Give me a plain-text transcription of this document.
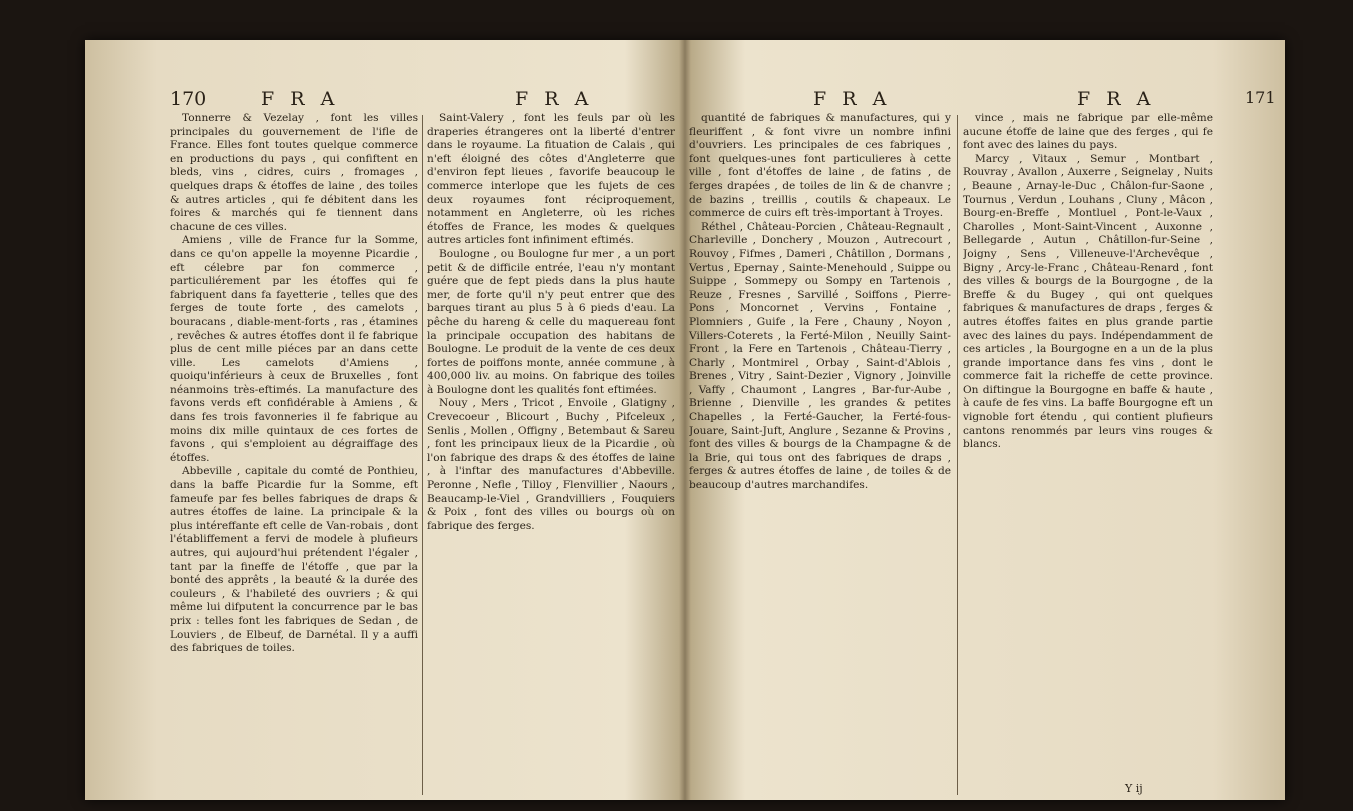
170	F R A	F R A

Tonnerre & Vezelay , font les villes principales du gouvernement de l'ifle de France. Elles font toutes quelque commerce en productions du pays , qui confiftent en bleds, vins , cidres, cuirs , fromages , quelques draps & étoffes de laine , des toiles & autres articles , qui fe débitent dans les foires & marchés qui fe tiennent dans chacune de ces villes.

Amiens , ville de France fur la Somme, dans ce qu'on appelle la moyenne Picardie , eft célebre par fon commerce , particuliérement par les étoffes qui fe fabriquent dans fa fayetterie , telles que des ferges de toute forte , des camelots , bouracans , diable-ment-forts , ras , étamines , revêches & autres étoffes dont il fe fabrique plus de cent mille piéces par an dans cette ville. Les camelots d'Amiens , quoiqu'inférieurs à ceux de Bruxelles , font néanmoins très-eftimés. La manufacture des favons verds eft confidérable à Amiens , & dans fes trois favonneries il fe fabrique au moins dix mille quintaux de ces fortes de favons , qui s'emploient au dégraiffage des étoffes.

Abbeville , capitale du comté de Ponthieu, dans la baffe Picardie fur la Somme, eft fameufe par fes belles fabriques de draps & autres étoffes de laine. La principale & la plus intéreffante eft celle de Van-robais , dont l'établiffement a fervi de modele à plufieurs autres, qui aujourd'hui prétendent l'égaler , tant par la fineffe de l'étoffe , que par la bonté des apprêts , la beauté & la durée des couleurs , & l'habileté des ouvriers ; & qui même lui difputent la concurrence par le bas prix : telles font les fabriques de Sedan , de Louviers , de Elbeuf, de Darnétal. Il y a auffi des fabriques de toiles.

Saint-Valery , font les feuls par où les draperies étrangeres ont la liberté d'entrer dans le royaume. La fituation de Calais , qui n'eft éloigné des côtes d'Angleterre que d'environ fept lieues , favorife beaucoup le commerce interlope que les fujets de ces deux royaumes font réciproquement, notamment en Angleterre, où les riches étoffes de France, les modes & quelques autres articles font infiniment eftimés.

Boulogne , ou Boulogne fur mer , a un port petit & de difficile entrée, l'eau n'y montant guére que de fept pieds dans la plus haute mer, de forte qu'il n'y peut entrer que des barques tirant au plus 5 à 6 pieds d'eau. La pêche du hareng & celle du maquereau font la principale occupation des habitans de Boulogne. Le produit de la vente de ces deux fortes de poiffons monte, année commune , à 400,000 liv. au moins. On fabrique des toiles à Boulogne dont les qualités font eftimées.

Nouy , Mers , Tricot , Envoile , Glatigny , Crevecoeur , Blicourt , Buchy , Pifceleux , Senlis , Mollen , Offigny , Betembaut & Sareu , font les principaux lieux de la Picardie , où l'on fabrique des draps & des étoffes de laine , à l'inftar des manufactures d'Abbeville. Peronne , Nefle , Tilloy , Flenvillier , Naours , Beaucamp-le-Viel , Grandvilliers , Fouquiers & Poix , font des villes ou bourgs où on fabrique des ferges.

F R A	F R A	171

quantité de fabriques & manufactures, qui y fleuriffent , & font vivre un nombre infini d'ouvriers. Les principales de ces fabriques , font quelques-unes font particulieres à cette ville , font d'étoffes de laine , de fatins , de ferges drapées , de toiles de lin & de chanvre ; de bazins , treillis , coutils & chapeaux. Le commerce de cuirs eft très-important à Troyes.

Réthel , Château-Porcien , Château-Regnault , Charleville , Donchery , Mouzon , Autrecourt , Rouvoy , Fifmes , Dameri , Châtillon , Dormans , Vertus , Epernay , Sainte-Menehould , Suippe ou Suippe , Sommepy ou Sompy en Tartenois , Reuze , Fresnes , Sarvillé , Soiffons , Pierre-Pons , Moncornet , Vervins , Fontaine , Plomniers , Guife , la Fere , Chauny , Noyon , Villers-Coterets , la Ferté-Milon , Neuilly Saint-Front , la Fere en Tartenois , Château-Tierry , Charly , Montmirel , Orbay , Saint-d'Ablois , Brenes , Vitry , Saint-Dezier , Vignory , Joinville , Vaffy , Chaumont , Langres , Bar-fur-Aube , Brienne , Dienville , les grandes & petites Chapelles , la Ferté-Gaucher, la Ferté-fous-Jouare, Saint-Juft, Anglure , Sezanne & Provins , font des villes & bourgs de la Champagne & de la Brie, qui tous ont des fabriques de draps , ferges & autres étoffes de laine , de toiles & de beaucoup d'autres marchandifes.

vince , mais ne fabrique par elle-même aucune étoffe de laine que des ferges , qui fe font avec des laines du pays.

Marcy , Vitaux , Semur , Montbart , Rouvray , Avallon , Auxerre , Seignelay , Nuits , Beaune , Arnay-le-Duc , Châlon-fur-Saone , Tournus , Verdun , Louhans , Cluny , Mâcon , Bourg-en-Breffe , Montluel , Pont-le-Vaux , Charolles , Mont-Saint-Vincent , Auxonne , Bellegarde , Autun , Châtillon-fur-Seine , Joigny , Sens , Villeneuve-l'Archevêque , Bigny , Arcy-le-Franc , Château-Renard , font des villes & bourgs de la Bourgogne , de la Breffe & du Bugey , qui ont quelques fabriques & manufactures de draps , ferges & autres étoffes faites en plus grande partie avec des laines du pays. Indépendamment de ces articles , la Bourgogne en a un de la plus grande importance dans fes vins , dont le commerce fait la richeffe de cette province. On diftingue la Bourgogne en baffe & haute , à caufe de fes vins. La baffe Bourgogne eft un vignoble fort étendu , qui contient plufieurs cantons renommés par leurs vins rouges & blancs.

Y ij
